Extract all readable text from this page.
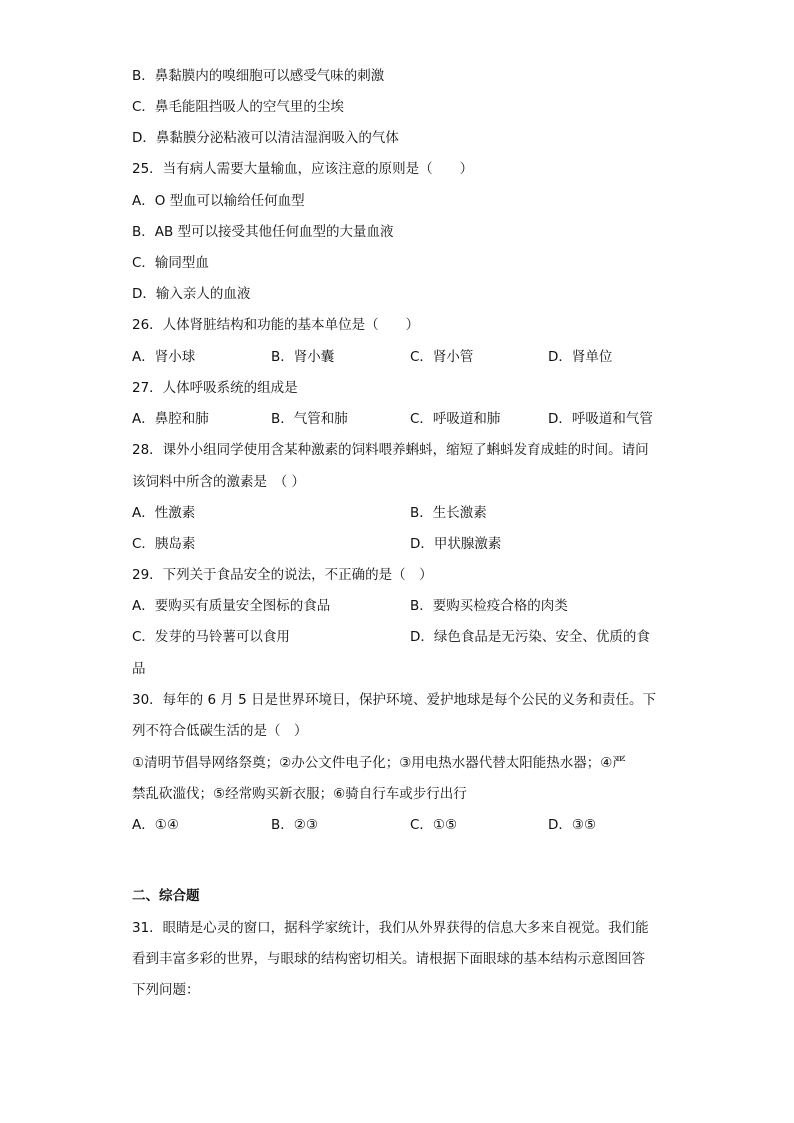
B．鼻黏膜内的嗅细胞可以感受气味的刺激
C．鼻毛能阻挡吸人的空气里的尘埃
D．鼻黏膜分泌粘液可以清洁湿润吸入的气体
25．当有病人需要大量输血，应该注意的原则是（　　）
A．O 型血可以输给任何血型
B．AB 型可以接受其他任何血型的大量血液
C．输同型血
D．输入亲人的血液
26．人体肾脏结构和功能的基本单位是（　　）
A．肾小球	B．肾小囊	C．肾小管	D．肾单位
27．人体呼吸系统的组成是
A．鼻腔和肺	B．气管和肺	C．呼吸道和肺	D．呼吸道和气管
28．课外小组同学使用含某种激素的饲料喂养蝌蚪，缩短了蝌蚪发育成蛙的时间。请问
该饲料中所含的激素是　（ ）
A．性激素	B．生长激素
C．胰岛素	D．甲状腺激素
29．下列关于食品安全的说法，不正确的是（　）
A．要购买有质量安全图标的食品	B．要购买检疫合格的肉类
C．发芽的马铃薯可以食用	D．绿色食品是无污染、安全、优质的食
品
30．每年的 6 月 5 日是世界环境日，保护环境、爱护地球是每个公民的义务和责任。下
列不符合低碳生活的是（　）
①清明节倡导网络祭奠；②办公文件电子化；③用电热水器代替太阳能热水器；④严
禁乱砍滥伐；⑤经常购买新衣服；⑥骑自行车或步行出行
A．①④	B．②③	C．①⑤	D．③⑤
二、综合题
31．眼睛是心灵的窗口，据科学家统计，我们从外界获得的信息大多来自视觉。我们能
看到丰富多彩的世界，与眼球的结构密切相关。请根据下面眼球的基本结构示意图回答
下列问题：
